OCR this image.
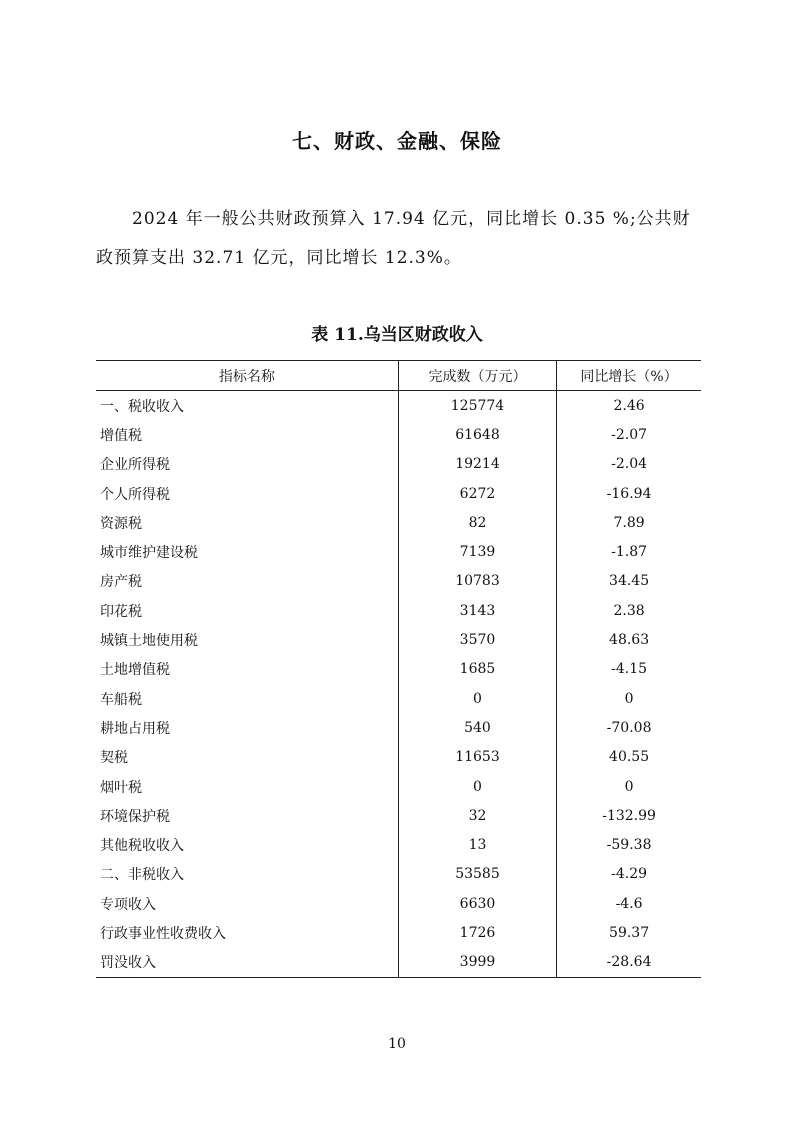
七、财政、金融、保险

2024 年一般公共财政预算入 17.94 亿元，同比增长 0.35 %;公共财政预算支出 32.71 亿元，同比增长 12.3%。

表 11.乌当区财政收入
指标名称	完成数（万元）	同比增长（%）
一、税收收入	125774	2.46
增值税	61648	-2.07
企业所得税	19214	-2.04
个人所得税	6272	-16.94
资源税	82	7.89
城市维护建设税	7139	-1.87
房产税	10783	34.45
印花税	3143	2.38
城镇土地使用税	3570	48.63
土地增值税	1685	-4.15
车船税	0	0
耕地占用税	540	-70.08
契税	11653	40.55
烟叶税	0	0
环境保护税	32	-132.99
其他税收收入	13	-59.38
二、非税收入	53585	-4.29
专项收入	6630	-4.6
行政事业性收费收入	1726	59.37
罚没收入	3999	-28.64

10
